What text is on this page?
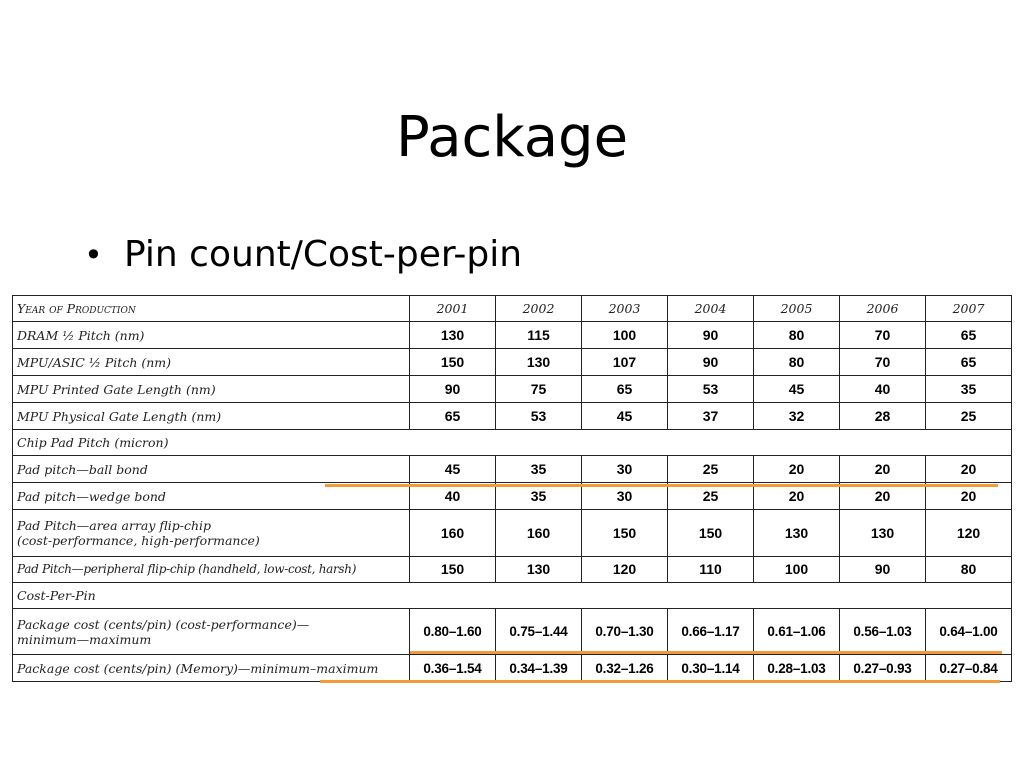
Package
• Pin count/Cost-per-pin
Year of Production	2001	2002	2003	2004	2005	2006	2007
DRAM ½ Pitch (nm)	130	115	100	90	80	70	65
MPU/ASIC ½ Pitch (nm)	150	130	107	90	80	70	65
MPU Printed Gate Length (nm)	90	75	65	53	45	40	35
MPU Physical Gate Length (nm)	65	53	45	37	32	28	25
Chip Pad Pitch (micron)							
Pad pitch—ball bond	45	35	30	25	20	20	20
Pad pitch—wedge bond	40	35	30	25	20	20	20

Pad Pitch—area array flip-chip
(cost-performance, high-performance)	160	160	150	150	130	130	120
Pad Pitch—peripheral flip-chip (handheld, low-cost, harsh)	150	130	120	110	100	90	80
Cost-Per-Pin							

Package cost (cents/pin) (cost-performance)—
minimum—maximum	0.80–1.60	0.75–1.44	0.70–1.30	0.66–1.17	0.61–1.06	0.56–1.03	0.64–1.00
Package cost (cents/pin) (Memory)—minimum–maximum	0.36–1.54	0.34–1.39	0.32–1.26	0.30–1.14	0.28–1.03	0.27–0.93	0.27–0.84
